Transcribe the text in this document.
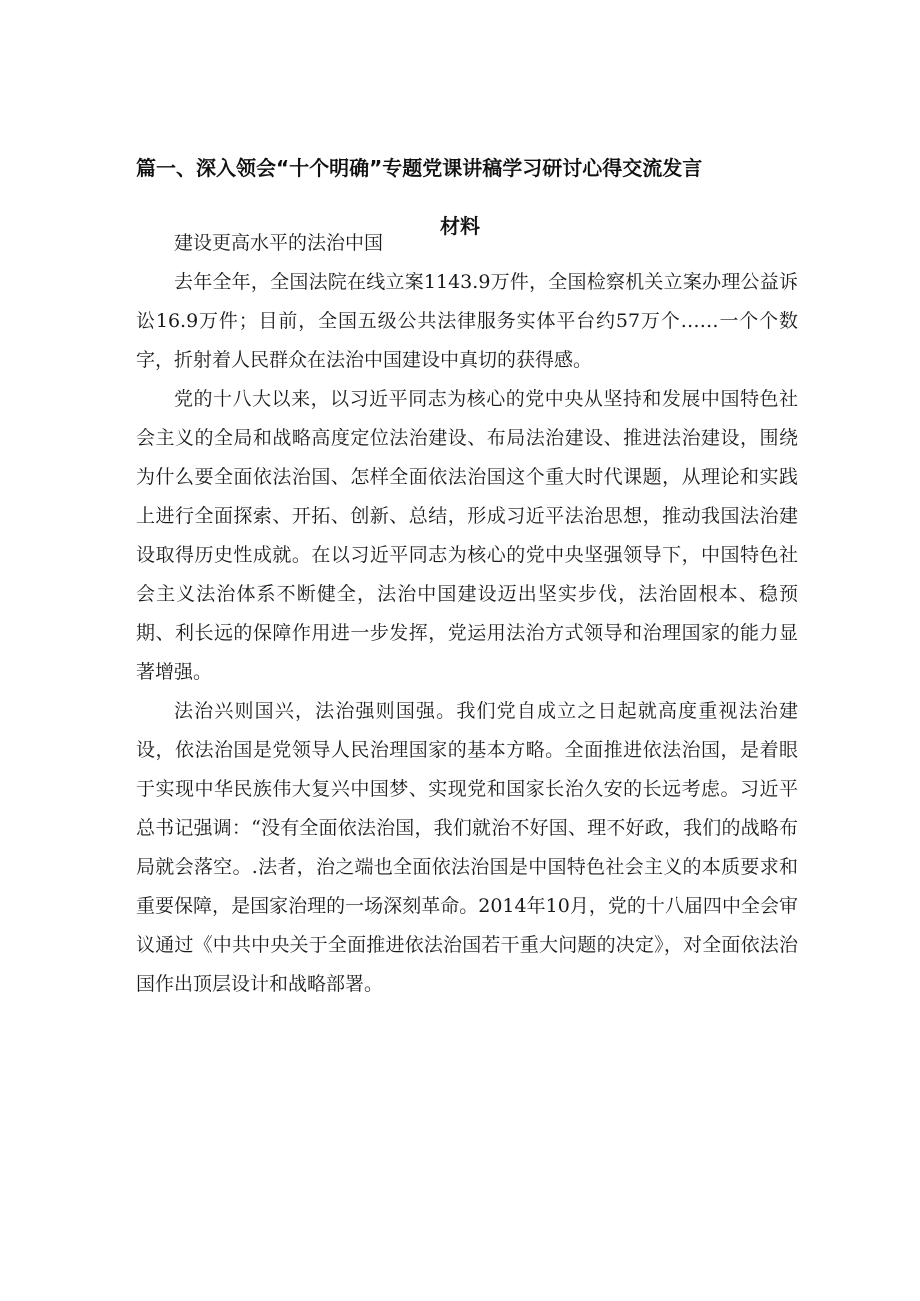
篇一、深入领会“十个明确”专题党课讲稿学习研讨心得交流发言
材料

建设更高水平的法治中国

去年全年，全国法院在线立案1143.9万件，全国检察机关立案办理公益诉讼16.9万件；目前，全国五级公共法律服务实体平台约57万个……一个个数字，折射着人民群众在法治中国建设中真切的获得感。

党的十八大以来，以习近平同志为核心的党中央从坚持和发展中国特色社会主义的全局和战略高度定位法治建设、布局法治建设、推进法治建设，围绕为什么要全面依法治国、怎样全面依法治国这个重大时代课题，从理论和实践上进行全面探索、开拓、创新、总结，形成习近平法治思想，推动我国法治建设取得历史性成就。在以习近平同志为核心的党中央坚强领导下，中国特色社会主义法治体系不断健全，法治中国建设迈出坚实步伐，法治固根本、稳预期、利长远的保障作用进一步发挥，党运用法治方式领导和治理国家的能力显著增强。

法治兴则国兴，法治强则国强。我们党自成立之日起就高度重视法治建设，依法治国是党领导人民治理国家的基本方略。全面推进依法治国，是着眼于实现中华民族伟大复兴中国梦、实现党和国家长治久安的长远考虑。习近平总书记强调：“没有全面依法治国，我们就治不好国、理不好政，我们的战略布局就会落空。.法者，治之端也全面依法治国是中国特色社会主义的本质要求和重要保障，是国家治理的一场深刻革命。2014年10月，党的十八届四中全会审议通过《中共中央关于全面推进依法治国若干重大问题的决定》，对全面依法治国作出顶层设计和战略部署。
